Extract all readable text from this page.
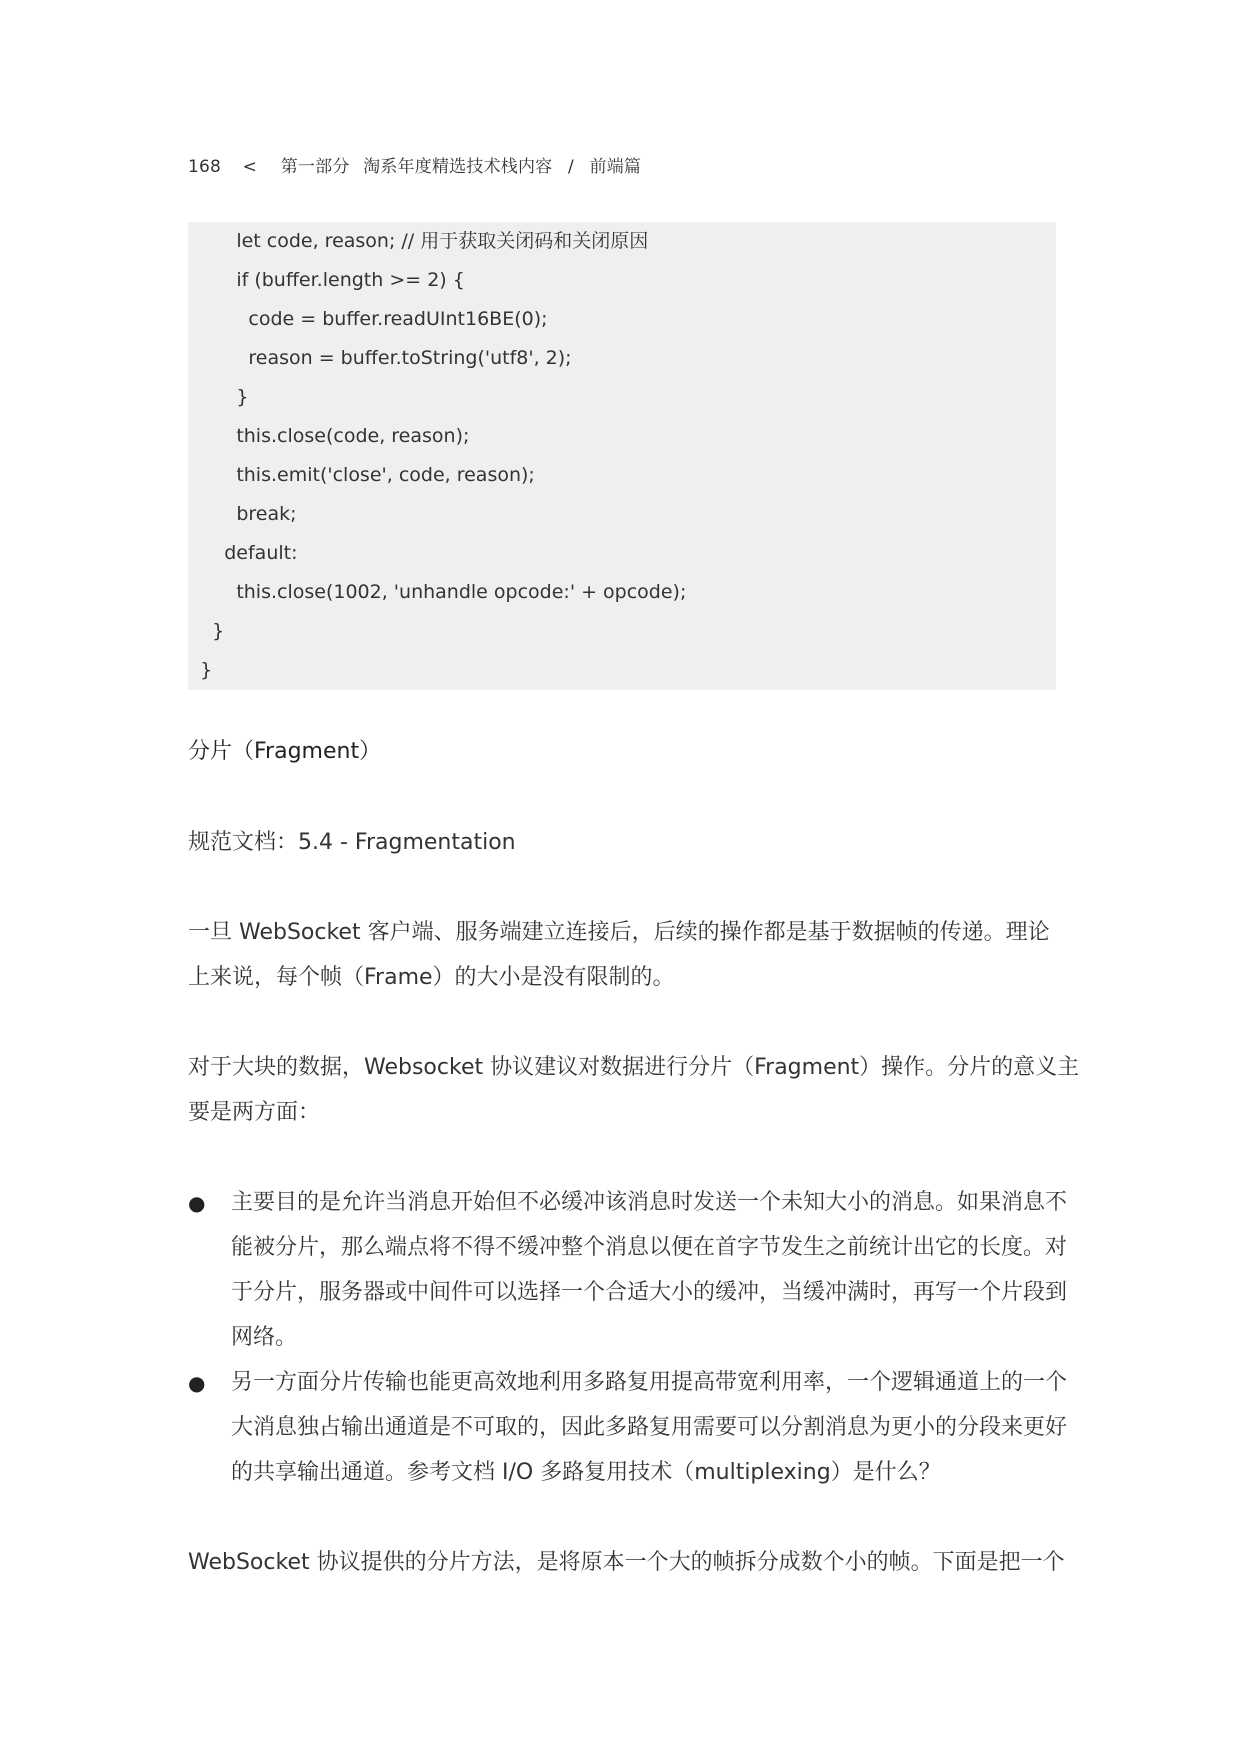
168 < 第一部分 淘系年度精选技术栈内容 / 前端篇
let code, reason; // 用于获取关闭码和关闭原因
if (buffer.length >= 2) {
code = buffer.readUInt16BE(0);
reason = buffer.toString('utf8', 2);
}
this.close(code, reason);
this.emit('close', code, reason);
break;
default:
this.close(1002, 'unhandle opcode:' + opcode);
}
}
分片（Fragment）
规范文档：5.4 - Fragmentation
一旦 WebSocket 客户端、服务端建立连接后，后续的操作都是基于数据帧的传递。理论
上来说，每个帧（Frame）的大小是没有限制的。
对于大块的数据，Websocket 协议建议对数据进行分片（Fragment）操作。分片的意义主
要是两方面：
● 主要目的是允许当消息开始但不必缓冲该消息时发送一个未知大小的消息。如果消息不
能被分片，那么端点将不得不缓冲整个消息以便在首字节发生之前统计出它的长度。对
于分片，服务器或中间件可以选择一个合适大小的缓冲，当缓冲满时，再写一个片段到
网络。
● 另一方面分片传输也能更高效地利用多路复用提高带宽利用率，一个逻辑通道上的一个
大消息独占输出通道是不可取的，因此多路复用需要可以分割消息为更小的分段来更好
的共享输出通道。参考文档 I/O 多路复用技术（multiplexing）是什么？
WebSocket 协议提供的分片方法，是将原本一个大的帧拆分成数个小的帧。下面是把一个
